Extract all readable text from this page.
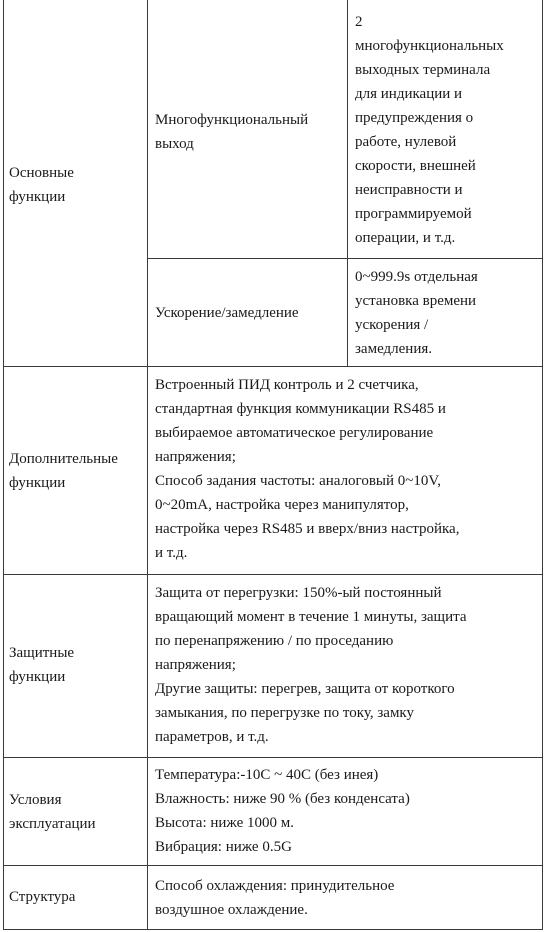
Основные
функции
Многофункциональный
выход
2
многофункциональных
выходных терминала
для индикации и
предупреждения о
работе, нулевой
скорости, внешней
неисправности и
программируемой
операции, и т.д.
Ускорение/замедление
0~999.9s отдельная
установка времени
ускорения /
замедления.
Дополнительные
функции
Встроенный ПИД контроль и 2 счетчика,
стандартная функция коммуникации RS485 и
выбираемое автоматическое регулирование
напряжения;
Способ задания частоты: аналоговый 0~10V,
0~20mA, настройка через манипулятор,
настройка через RS485 и вверх/вниз настройка,
и т.д.
Защитные
функции
Защита от перегрузки: 150%-ый постоянный
вращающий момент в течение 1 минуты, защита
по перенапряжению / по проседанию
напряжения;
Другие защиты: перегрев, защита от короткого
замыкания, по перегрузке по току, замку
параметров, и т.д.
Условия
эксплуатации
Температура:-10C ~ 40C (без инея)
Влажность: ниже 90 % (без конденсата)
Высота: ниже 1000 м.
Вибрация: ниже 0.5G
Структура
Способ охлаждения: принудительное
воздушное охлаждение.
